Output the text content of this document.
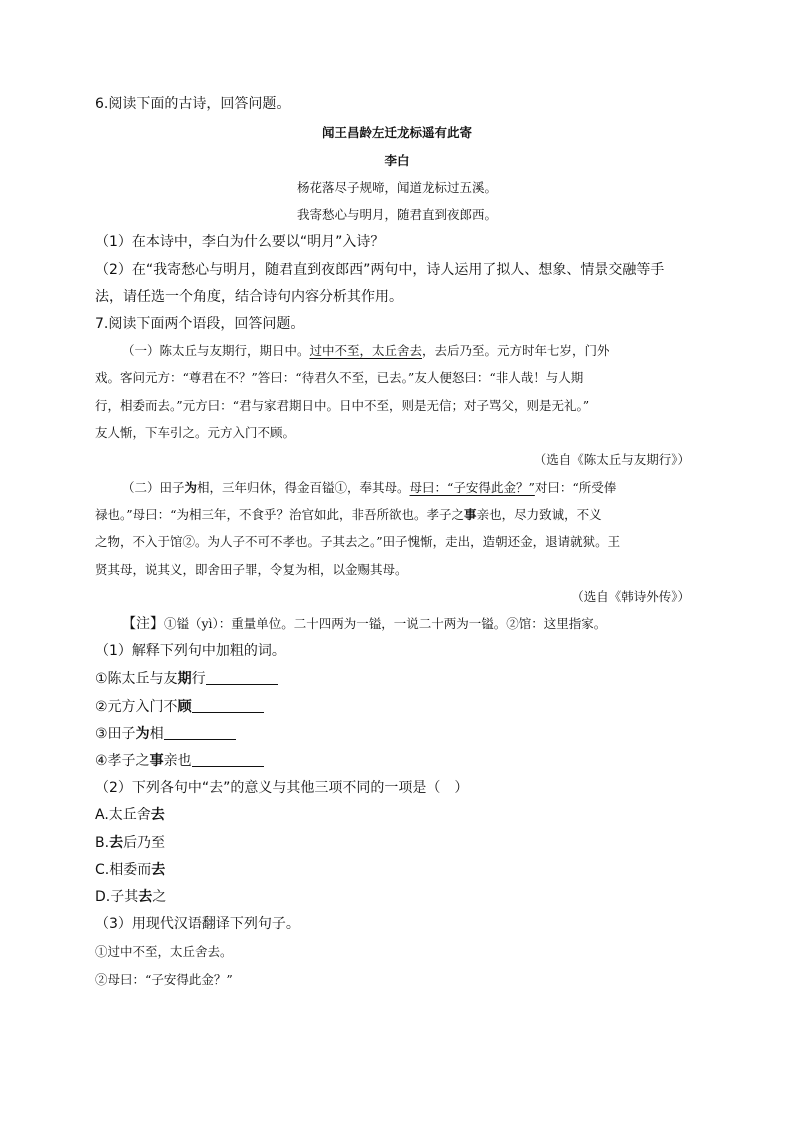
6.阅读下面的古诗，回答问题。
闻王昌龄左迁龙标遥有此寄
李白
杨花落尽子规啼，闻道龙标过五溪。
我寄愁心与明月，随君直到夜郎西。
（1）在本诗中，李白为什么要以“明月”入诗？
（2）在“我寄愁心与明月，随君直到夜郎西”两句中，诗人运用了拟人、想象、情景交融等手
法，请任选一个角度，结合诗句内容分析其作用。
7.阅读下面两个语段，回答问题。
（一）陈太丘与友期行，期日中。过中不至，太丘舍去，去后乃至。元方时年七岁，门外
戏。客问元方：“尊君在不？”答曰：“待君久不至，已去。”友人便怒曰：“非人哉！与人期
行，相委而去。”元方曰：“君与家君期日中。日中不至，则是无信；对子骂父，则是无礼。”
友人惭，下车引之。元方入门不顾。
（选自《陈太丘与友期行》）
（二）田子为相，三年归休，得金百镒①，奉其母。母曰：“子安得此金？”对曰：“所受俸
禄也。”母曰：“为相三年，不食乎？治官如此，非吾所欲也。孝子之事亲也，尽力致诚，不义
之物，不入于馆②。为人子不可不孝也。子其去之。”田子愧惭，走出，造朝还金，退请就狱。王
贤其母，说其义，即舍田子罪，令复为相，以金赐其母。
（选自《韩诗外传》）
【注】①镒（yì）：重量单位。二十四两为一镒，一说二十两为一镒。②馆：这里指家。
（1）解释下列句中加粗的词。
①陈太丘与友期行
②元方入门不顾
③田子为相
④孝子之事亲也
（2）下列各句中“去”的意义与其他三项不同的一项是（　）
A.太丘舍去
B.去后乃至
C.相委而去
D.子其去之
（3）用现代汉语翻译下列句子。
①过中不至，太丘舍去。
②母曰：“子安得此金？”
